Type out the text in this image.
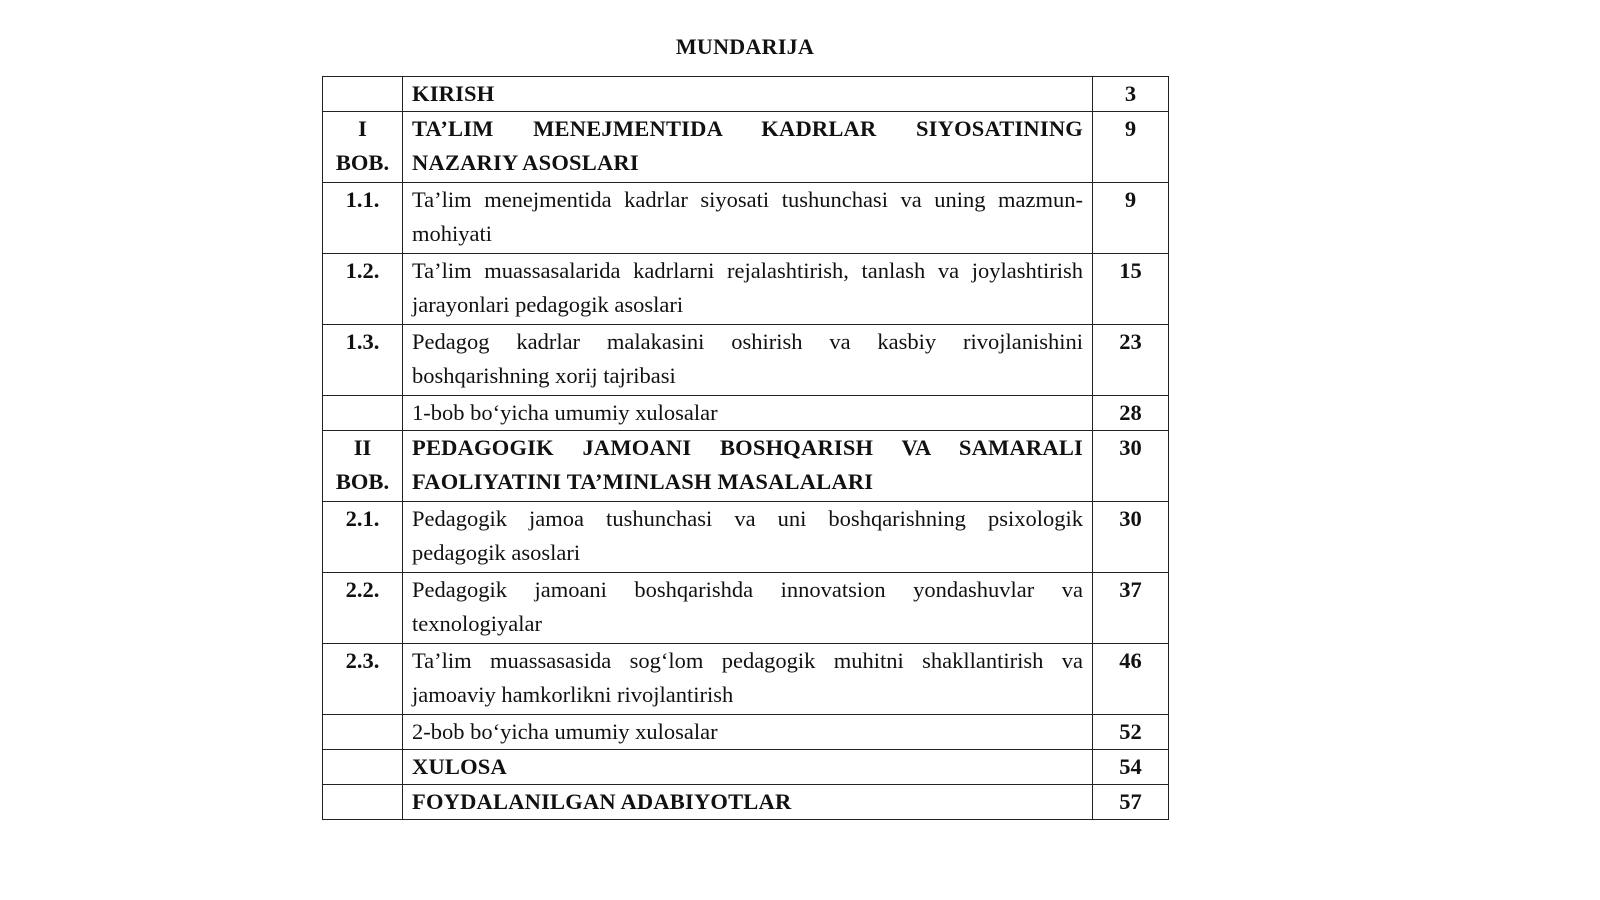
MUNDARIJA
	KIRISH	3

I
BOB.	TA’LIM MENEJMENTIDA KADRLAR SIYOSATINING NAZARIY ASOSLARI	9
1.1.	Ta’lim menejmentida kadrlar siyosati tushunchasi va uning mazmun-mohiyati	9
1.2.	Ta’lim muassasalarida kadrlarni rejalashtirish, tanlash va joylashtirish jarayonlari pedagogik asoslari	15
1.3.	Pedagog kadrlar malakasini oshirish va kasbiy rivojlanishini boshqarishning xorij tajribasi	23
	1-bob bo‘yicha umumiy xulosalar	28

II
BOB.	PEDAGOGIK JAMOANI BOSHQARISH VA SAMARALI FAOLIYATINI TA’MINLASH MASALALARI	30
2.1.	Pedagogik jamoa tushunchasi va uni boshqarishning psixologik pedagogik asoslari	30
2.2.	Pedagogik jamoani boshqarishda innovatsion yondashuvlar va texnologiyalar	37
2.3.	Ta’lim muassasasida sog‘lom pedagogik muhitni shakllantirish va jamoaviy hamkorlikni rivojlantirish	46
	2-bob bo‘yicha umumiy xulosalar	52
	XULOSA	54
	FOYDALANILGAN ADABIYOTLAR	57
